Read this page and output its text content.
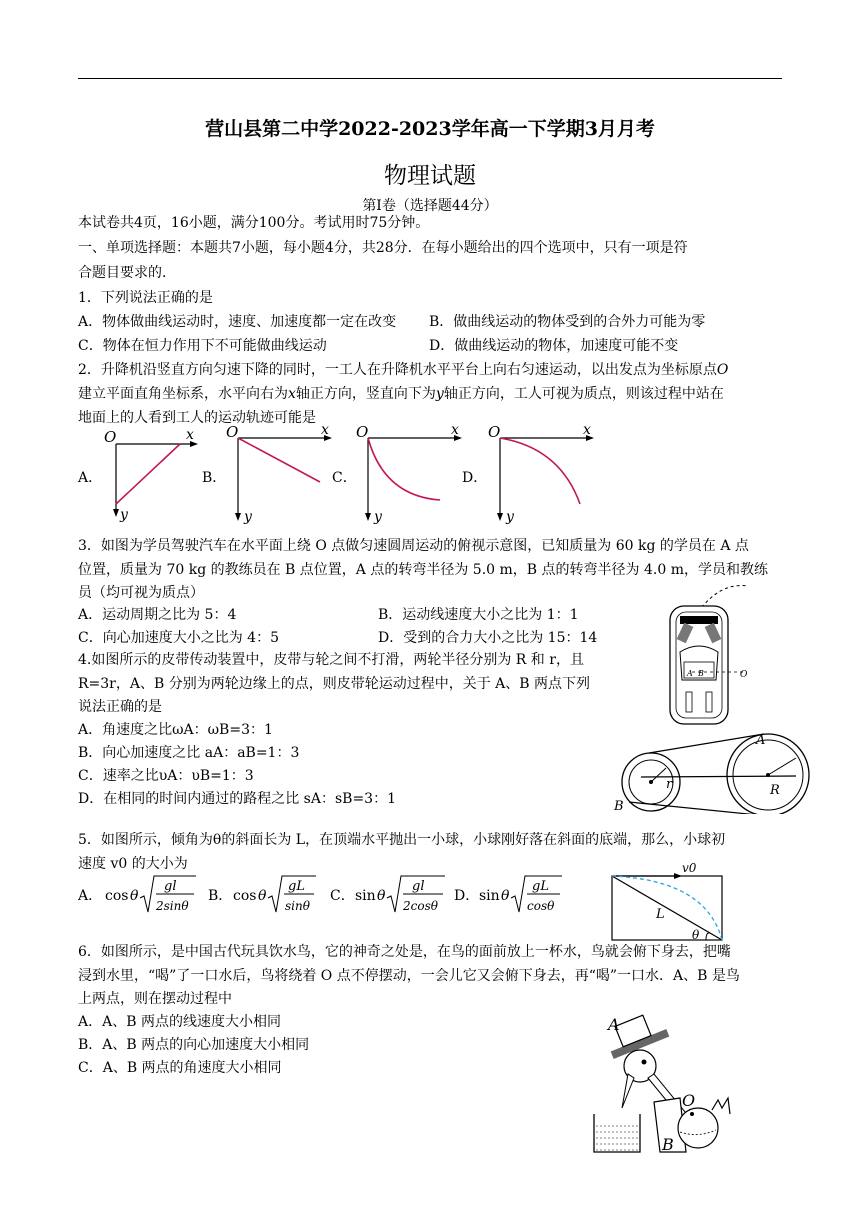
营山县第二中学2022-2023学年高一下学期3月月考
物理试题
第Ⅰ卷（选择题44分）
本试卷共4页，16小题，满分100分。考试用时75分钟。
一、单项选择题：本题共7小题，每小题4分，共28分．在每小题给出的四个选项中，只有一项是符
合题目要求的．
1．下列说法正确的是
A．物体做曲线运动时，速度、加速度都一定在改变 B．做曲线运动的物体受到的合外力可能为零
C．物体在恒力作用下不可能做曲线运动	D．做曲线运动的物体，加速度可能不变
2．升降机沿竖直方向匀速下降的同时，一工人在升降机水平平台上向右匀速运动，以出发点为坐标原点O
建立平面直角坐标系，水平向右为x轴正方向，竖直向下为y轴正方向，工人可视为质点，则该过程中站在
地面上的人看到工人的运动轨迹可能是
A．	B．	C．	D．
O	x
y
O	x
y
O	x
y
O	x
y
3．如图为学员驾驶汽车在水平面上绕 O 点做匀速圆周运动的俯视示意图，已知质量为 60 kg 的学员在 A 点
位置，质量为 70 kg 的教练员在 B 点位置，A 点的转弯半径为 5.0 m，B 点的转弯半径为 4.0 m，学员和教练
员（均可视为质点）
A．运动周期之比为 5：4	B．运动线速度大小之比为 1：1
C．向心加速度大小之比为 4：5	D．受到的合力大小之比为 15：14
A B	O
4.如图所示的皮带传动装置中，皮带与轮之间不打滑，两轮半径分别为 R 和 r，且
R=3r，A、B 分别为两轮边缘上的点，则皮带轮运动过程中，关于 A、B 两点下列
说法正确的是
A．角速度之比ωA：ωB=3：1
B．向心加速度之比 aA：aB=1：3
C．速率之比υA：υB=1：3
D．在相同的时间内通过的路程之比 sA：sB=3：1
r	R
A
B
5．如图所示，倾角为θ的斜面长为 L，在顶端水平抛出一小球，小球刚好落在斜面的底端，那么，小球初
速度 v0 的大小为
A． cos θ
gl
2sinθ
B． cos θ
gL
sinθ
C． sin θ
gl
2cosθ
D． sin θ
gL
cosθ
v0
L
θ
6．如图所示，是中国古代玩具饮水鸟，它的神奇之处是，在鸟的面前放上一杯水，鸟就会俯下身去，把嘴
浸到水里，“喝”了一口水后，鸟将绕着 O 点不停摆动，一会儿它又会俯下身去，再“喝”一口水．A、B 是鸟
上两点，则在摆动过程中
A．A、B 两点的线速度大小相同
B．A、B 两点的向心加速度大小相同
C．A、B 两点的角速度大小相同
A
O
B
